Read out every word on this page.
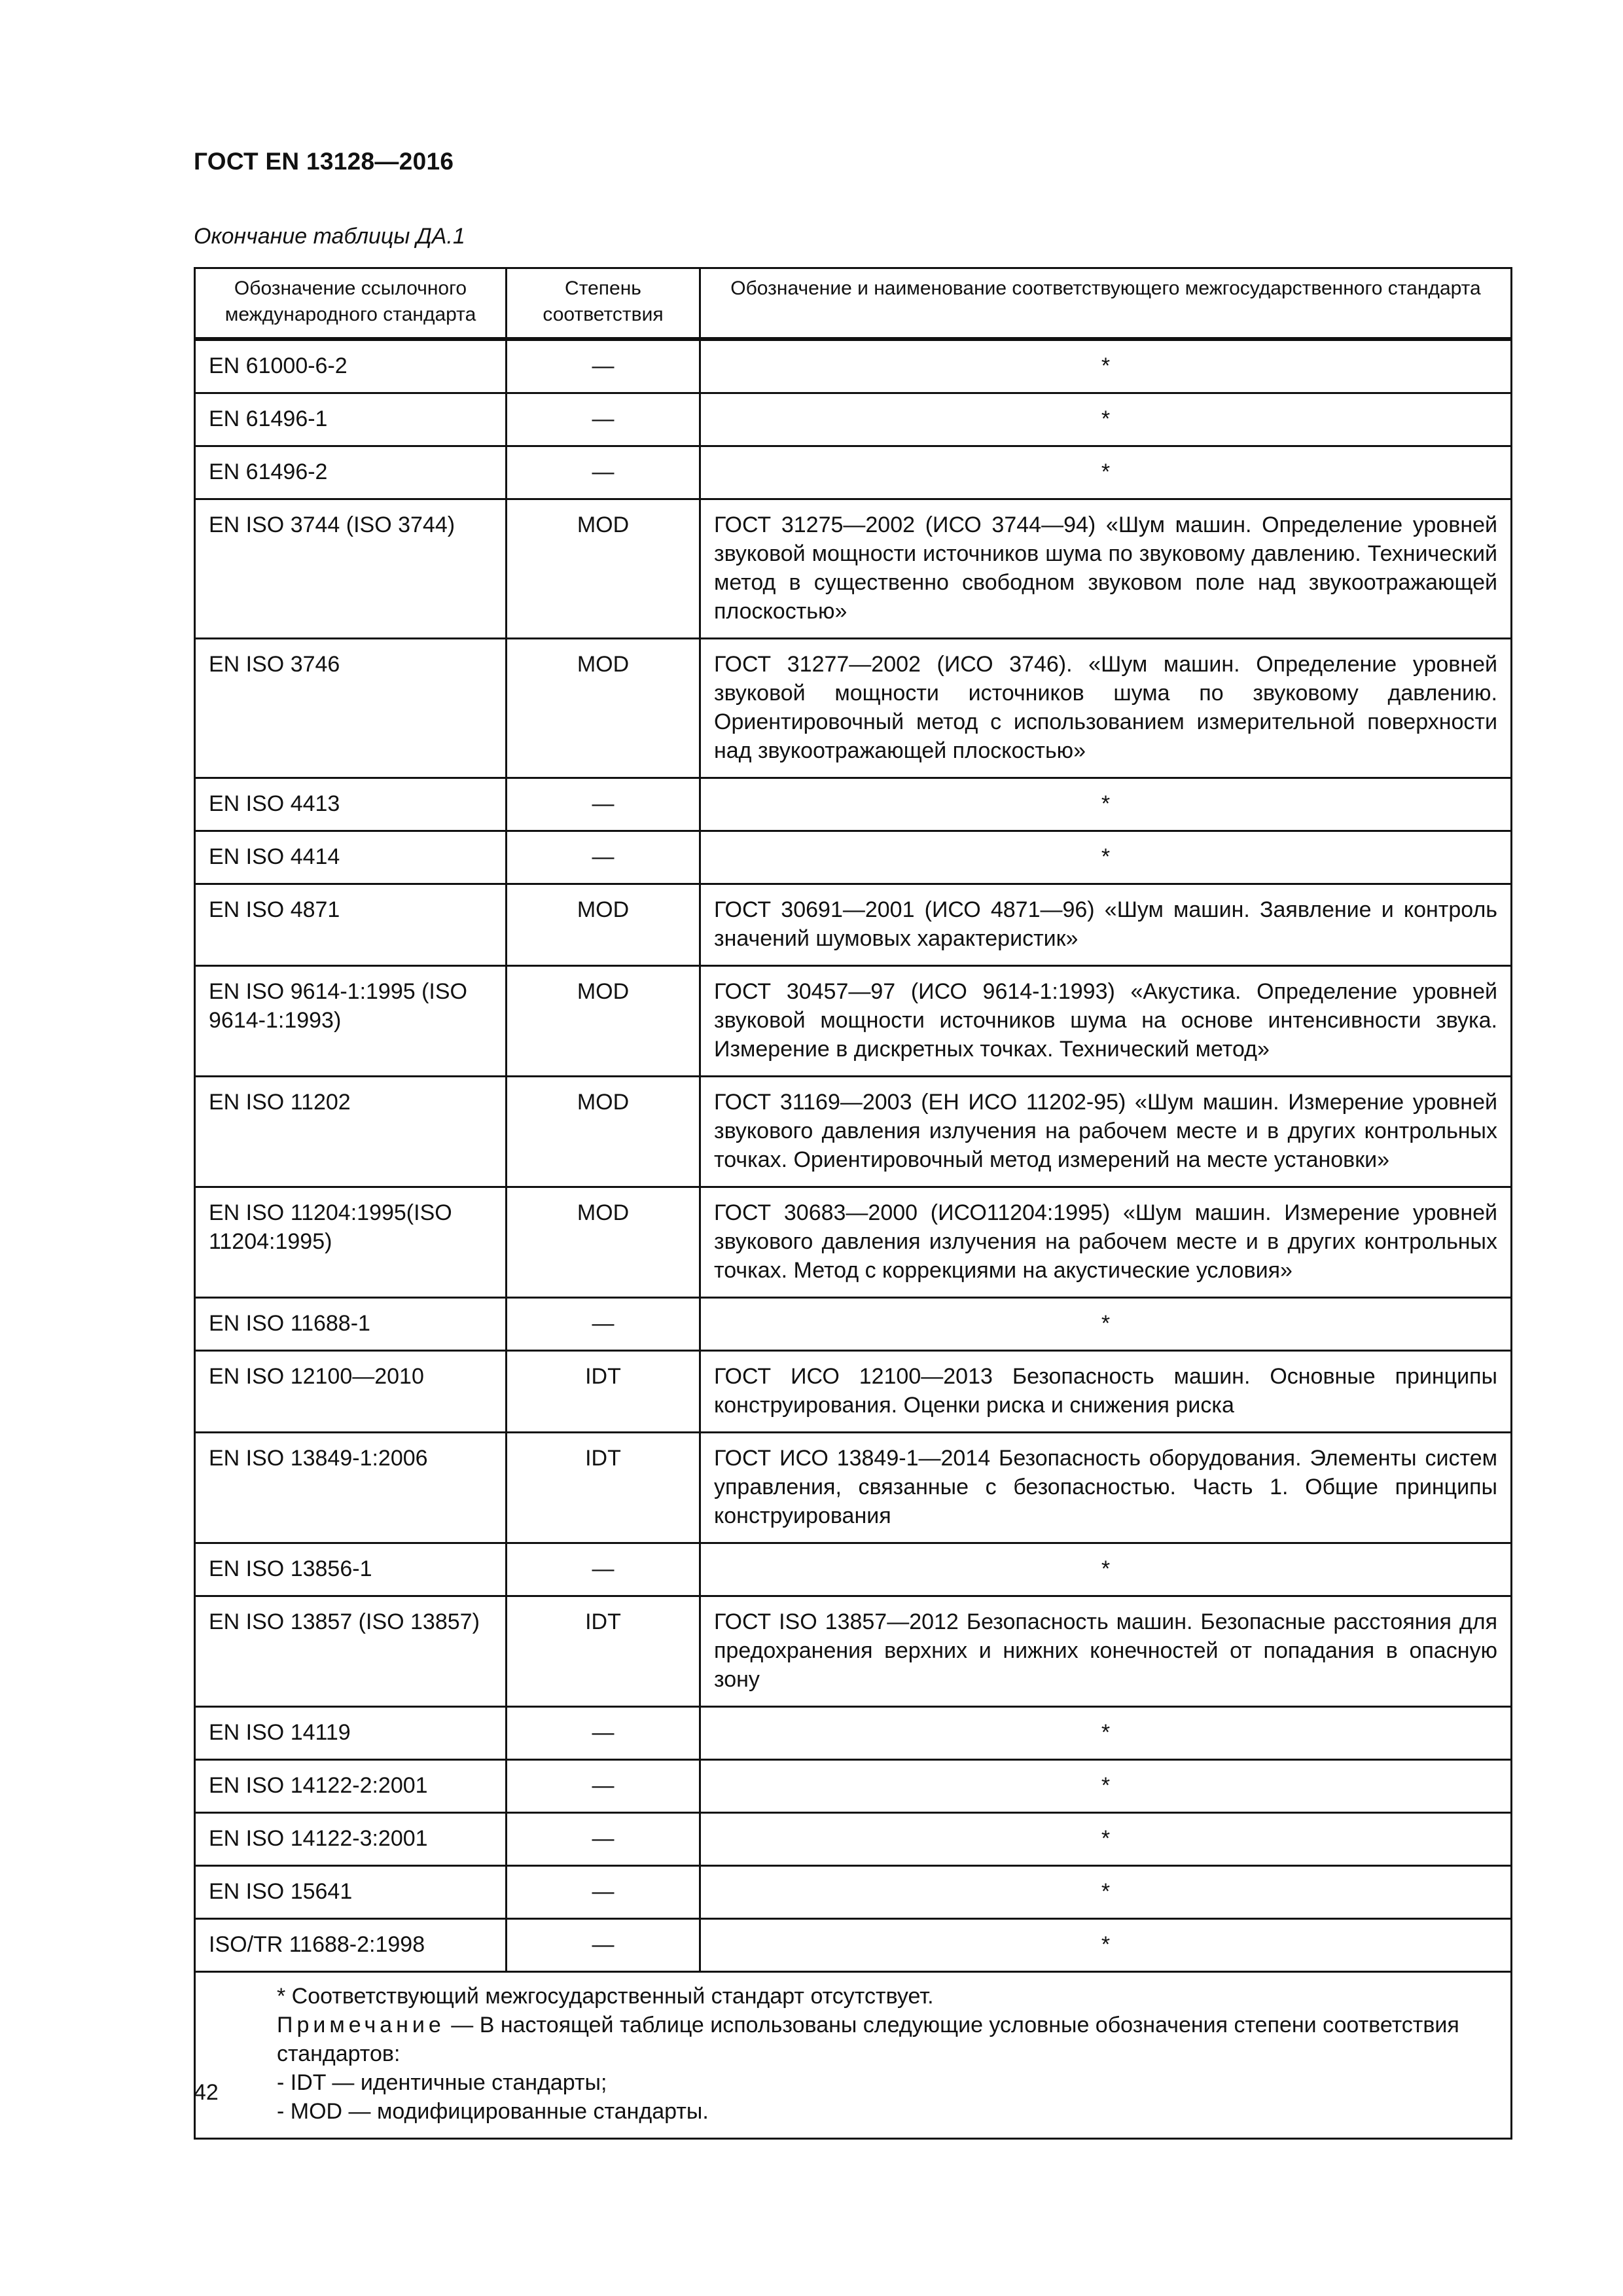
ГОСТ EN 13128—2016
Окончание таблицы ДА.1
Обозначение ссылочного международного стандарта	Степень соответствия	Обозначение и наименование соответствующего межгосударственного стандарта
EN 61000-6-2	—	*
EN 61496-1	—	*
EN 61496-2	—	*
EN ISO 3744 (ISO 3744)	MOD	ГОСТ 31275—2002 (ИСО 3744—94) «Шум машин. Определение уровней звуковой мощности источников шума по звуковому давлению. Технический метод в существенно свободном звуковом поле над звукоотражающей плоскостью»
EN ISO 3746	MOD	ГОСТ 31277—2002 (ИСО 3746). «Шум машин. Определение уровней звуковой мощности источников шума по звуковому давлению. Ориентировочный метод с использованием измерительной поверхности над звукоотражающей плоскостью»
EN ISO 4413	—	*
EN ISO 4414	—	*
EN ISO 4871	MOD	ГОСТ 30691—2001 (ИСО 4871—96) «Шум машин. Заявление и контроль значений шумовых характеристик»
EN ISO 9614-1:1995 (ISO 9614-1:1993)	MOD	ГОСТ 30457—97 (ИСО 9614-1:1993) «Акустика. Определение уровней звуковой мощности источников шума на основе интенсивности звука. Измерение в дискретных точках. Технический метод»
EN ISO 11202	MOD	ГОСТ 31169—2003 (ЕН ИСО 11202-95) «Шум машин. Измерение уровней звукового давления излучения на рабочем месте и в других контрольных точках. Ориентировочный метод измерений на месте установки»
EN ISO 11204:1995(ISO 11204:1995)	MOD	ГОСТ 30683—2000 (ИСО11204:1995) «Шум машин. Измерение уровней звукового давления излучения на рабочем месте и в других контрольных точках. Метод с коррекциями на акустические условия»
EN ISO 11688-1	—	*
EN ISO 12100—2010	IDT	ГОСТ ИСО 12100—2013 Безопасность машин. Основные принципы конструирования. Оценки риска и снижения риска
EN ISO 13849-1:2006	IDT	ГОСТ ИСО 13849-1—2014 Безопасность оборудования. Элементы систем управления, связанные с безопасностью. Часть 1. Общие принципы конструирования
EN ISO 13856-1	—	*
EN ISO 13857 (ISO 13857)	IDT	ГОСТ ISO 13857—2012 Безопасность машин. Безопасные расстояния для предохранения верхних и нижних конечностей от попадания в опасную зону
EN ISO 14119	—	*
EN ISO 14122-2:2001	—	*
EN ISO 14122-3:2001	—	*
EN ISO 15641	—	*
ISO/TR 11688-2:1998	—	*

* Соответствующий межгосударственный стандарт отсутствует.
Примечание — В настоящей таблице использованы следующие условные обозначения степени соответствия стандартов:
- IDT — идентичные стандарты;
- MOD — модифицированные стандарты.		
42
